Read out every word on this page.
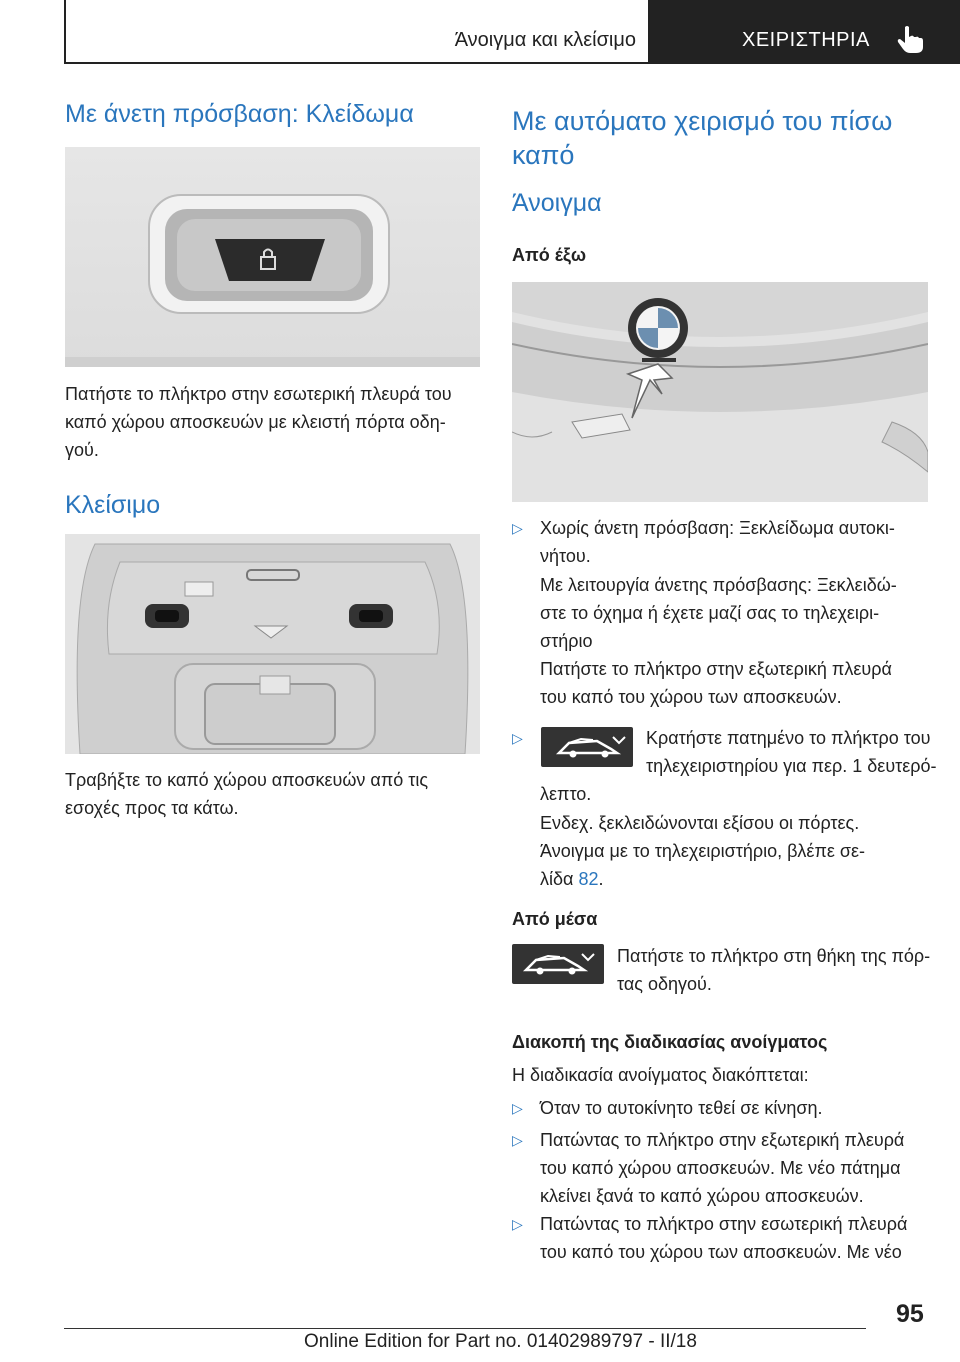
Άνοιγμα και κλείσιμο	ΧΕΙΡΙΣΤΗΡΙΑ
Με άνετη πρόσβαση: Κλείδωμα

Πατήστε το πλήκτρο στην εσωτερική πλευρά του
καπό χώρου αποσκευών με κλειστή πόρτα οδη-
γού.

Κλείσιμο

Τραβήξτε το καπό χώρου αποσκευών από τις
εσοχές προς τα κάτω.

Με αυτόματο χειρισμό του πίσω
καπό
Άνοιγμα
Από έξω
▷ Χωρίς άνετη πρόσβαση: Ξεκλείδωμα αυτοκι-
νήτου.

Με λειτουργία άνετης πρόσβασης: Ξεκλειδώ-
στε το όχημα ή έχετε μαζί σας το τηλεχειρι-
στήριο

Πατήστε το πλήκτρο στην εξωτερική πλευρά
του καπό του χώρου των αποσκευών.

▷	Κρατήστε πατημένο το πλήκτρο του
τηλεχειριστηρίου για περ. 1 δευτερό-

λεπτο.

Ενδεχ. ξεκλειδώνονται εξίσου οι πόρτες.
Άνοιγμα με το τηλεχειριστήριο, βλέπε σε-
λίδα 82.

Από μέσα

Πατήστε το πλήκτρο στη θήκη της πόρ-
τας οδηγού.

Διακοπή της διαδικασίας ανοίγματος

Η διαδικασία ανοίγματος διακόπτεται:

▷ Όταν το αυτοκίνητο τεθεί σε κίνηση.

▷ Πατώντας το πλήκτρο στην εξωτερική πλευρά
του καπό χώρου αποσκευών. Με νέο πάτημα
κλείνει ξανά το καπό χώρου αποσκευών.

▷ Πατώντας το πλήκτρο στην εσωτερική πλευρά
του καπό του χώρου των αποσκευών. Με νέο

95
Online Edition for Part no. 01402989797 - II/18
